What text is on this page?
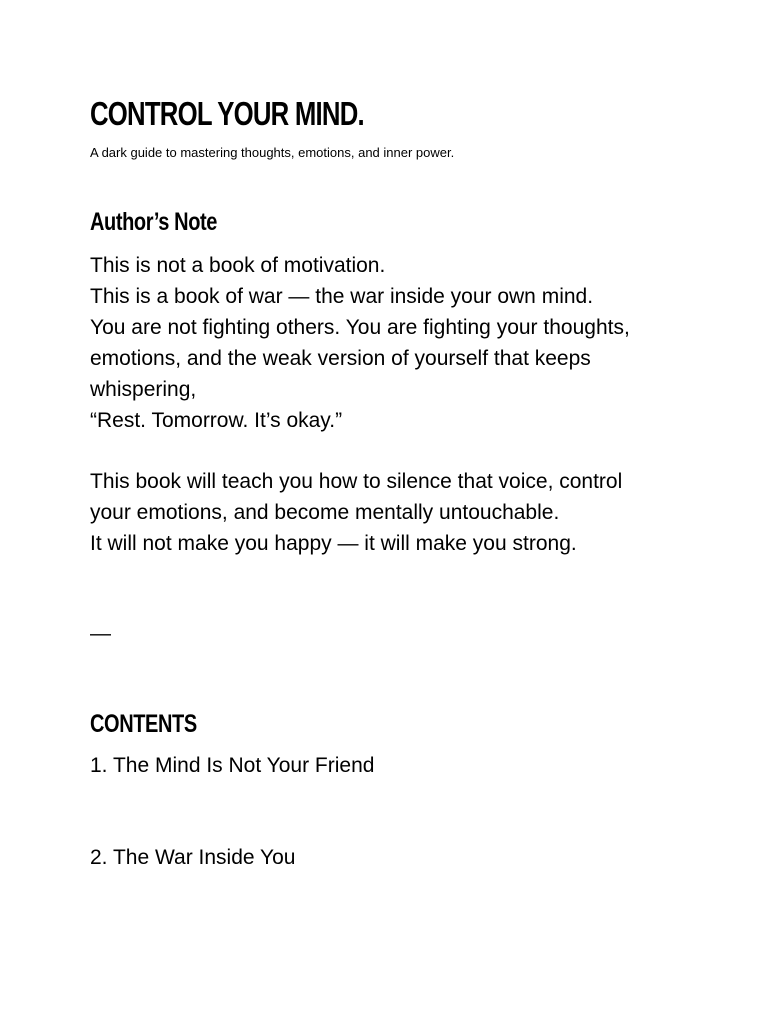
CONTROL YOUR MIND.

A dark guide to mastering thoughts, emotions, and inner power.

Author’s Note

This is not a book of motivation.
This is a book of war — the war inside your own mind.
You are not fighting others. You are fighting your thoughts,
emotions, and the weak version of yourself that keeps
whispering,
“Rest. Tomorrow. It’s okay.”

This book will teach you how to silence that voice, control
your emotions, and become mentally untouchable.
It will not make you happy — it will make you strong.

—

CONTENTS

1. The Mind Is Not Your Friend

2. The War Inside You
